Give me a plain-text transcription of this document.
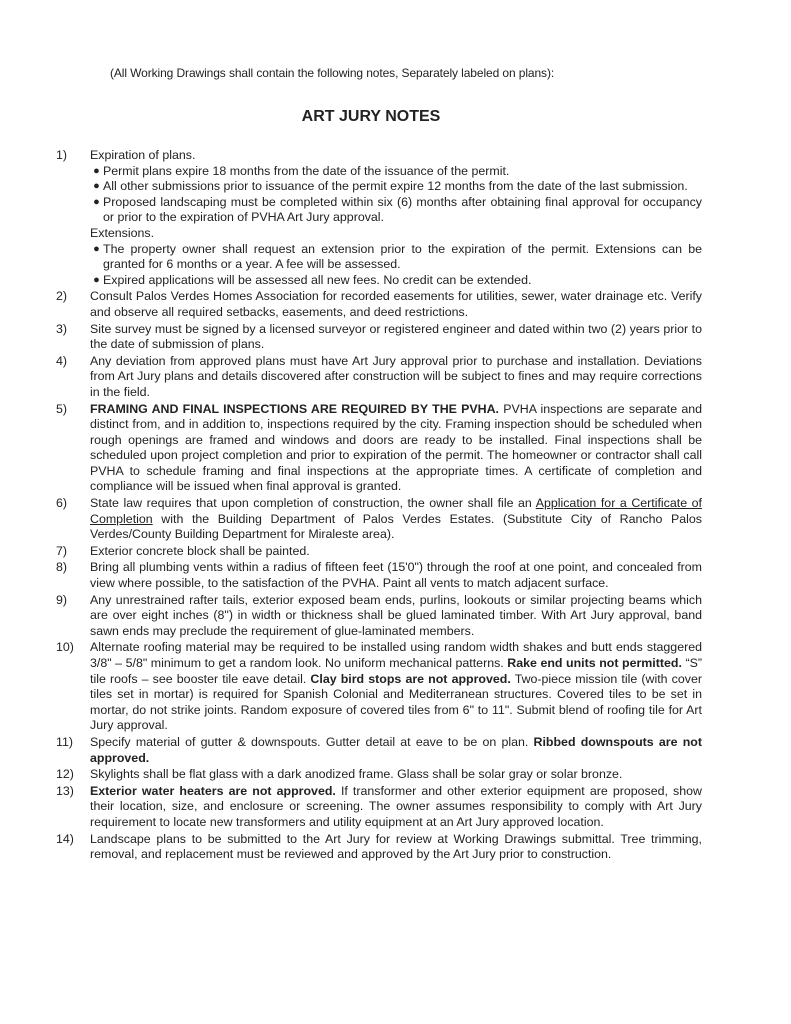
(All Working Drawings shall contain the following notes, Separately labeled on plans):
ART JURY NOTES
1)	Expiration of plans.
● Permit plans expire 18 months from the date of the issuance of the permit.
● All other submissions prior to issuance of the permit expire 12 months from the date of the last submission.
● Proposed landscaping must be completed within six (6) months after obtaining final approval for occupancy or prior to the expiration of PVHA Art Jury approval.
Extensions.
● The property owner shall request an extension prior to the expiration of the permit. Extensions can be granted for 6 months or a year. A fee will be assessed.
● Expired applications will be assessed all new fees. No credit can be extended.
2)	Consult Palos Verdes Homes Association for recorded easements for utilities, sewer, water drainage etc. Verify and observe all required setbacks, easements, and deed restrictions.
3)	Site survey must be signed by a licensed surveyor or registered engineer and dated within two (2) years prior to the date of submission of plans.
4)	Any deviation from approved plans must have Art Jury approval prior to purchase and installation. Deviations from Art Jury plans and details discovered after construction will be subject to fines and may require corrections in the field.
5)	FRAMING AND FINAL INSPECTIONS ARE REQUIRED BY THE PVHA. PVHA inspections are separate and distinct from, and in addition to, inspections required by the city. Framing inspection should be scheduled when rough openings are framed and windows and doors are ready to be installed. Final inspections shall be scheduled upon project completion and prior to expiration of the permit. The homeowner or contractor shall call PVHA to schedule framing and final inspections at the appropriate times. A certificate of completion and compliance will be issued when final approval is granted.
6)	State law requires that upon completion of construction, the owner shall file an Application for a Certificate of Completion with the Building Department of Palos Verdes Estates. (Substitute City of Rancho Palos Verdes/County Building Department for Miraleste area).
7)	Exterior concrete block shall be painted.
8)	Bring all plumbing vents within a radius of fifteen feet (15'0") through the roof at one point, and concealed from view where possible, to the satisfaction of the PVHA. Paint all vents to match adjacent surface.
9)	Any unrestrained rafter tails, exterior exposed beam ends, purlins, lookouts or similar projecting beams which are over eight inches (8") in width or thickness shall be glued laminated timber. With Art Jury approval, band sawn ends may preclude the requirement of glue-laminated members.
10)	Alternate roofing material may be required to be installed using random width shakes and butt ends staggered 3/8" – 5/8" minimum to get a random look. No uniform mechanical patterns. Rake end units not permitted. “S” tile roofs – see booster tile eave detail. Clay bird stops are not approved. Two-piece mission tile (with cover tiles set in mortar) is required for Spanish Colonial and Mediterranean structures. Covered tiles to be set in mortar, do not strike joints. Random exposure of covered tiles from 6" to 11". Submit blend of roofing tile for Art Jury approval.
11)	Specify material of gutter & downspouts. Gutter detail at eave to be on plan. Ribbed downspouts are not approved.
12)	Skylights shall be flat glass with a dark anodized frame. Glass shall be solar gray or solar bronze.
13)	Exterior water heaters are not approved. If transformer and other exterior equipment are proposed, show their location, size, and enclosure or screening. The owner assumes responsibility to comply with Art Jury requirement to locate new transformers and utility equipment at an Art Jury approved location.
14)	Landscape plans to be submitted to the Art Jury for review at Working Drawings submittal. Tree trimming, removal, and replacement must be reviewed and approved by the Art Jury prior to construction.
